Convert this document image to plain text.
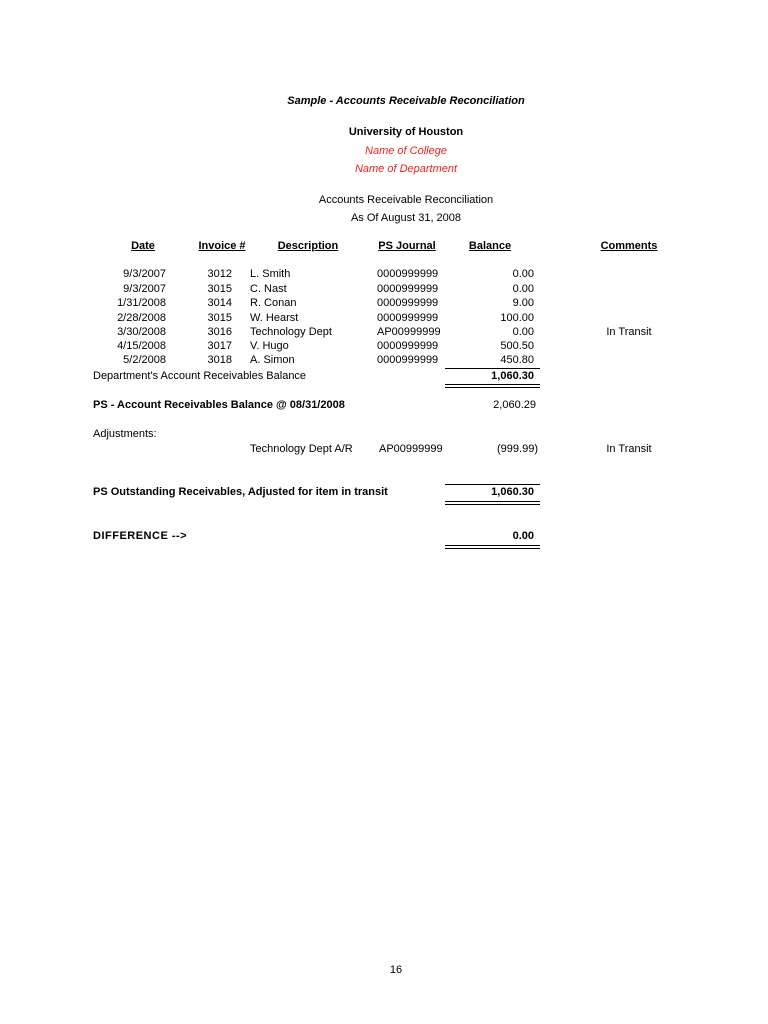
Sample - Accounts Receivable Reconciliation
University of Houston
Name of College
Name of Department
Accounts Receivable Reconciliation
As Of August 31, 2008
Date	Invoice #	Description	PS Journal	Balance	Comments
9/3/2007	3012 L. Smith	0000999999	0.00
9/3/2007	3015 C. Nast	0000999999	0.00
1/31/2008	3014 R. Conan	0000999999	9.00
2/28/2008	3015 W. Hearst	0000999999	100.00
3/30/2008	3016 Technology Dept	AP00999999	0.00	In Transit
4/15/2008	3017 V. Hugo	0000999999	500.50
5/2/2008	3018 A. Simon	0000999999	450.80
Department's Account Receivables Balance	1,060.30
PS - Account Receivables Balance @ 08/31/2008	2,060.29
Adjustments:
Technology Dept A/R AP00999999	(999.99)	In Transit
PS Outstanding Receivables, Adjusted for item in transit	1,060.30
DIFFERENCE -->	0.00
16
